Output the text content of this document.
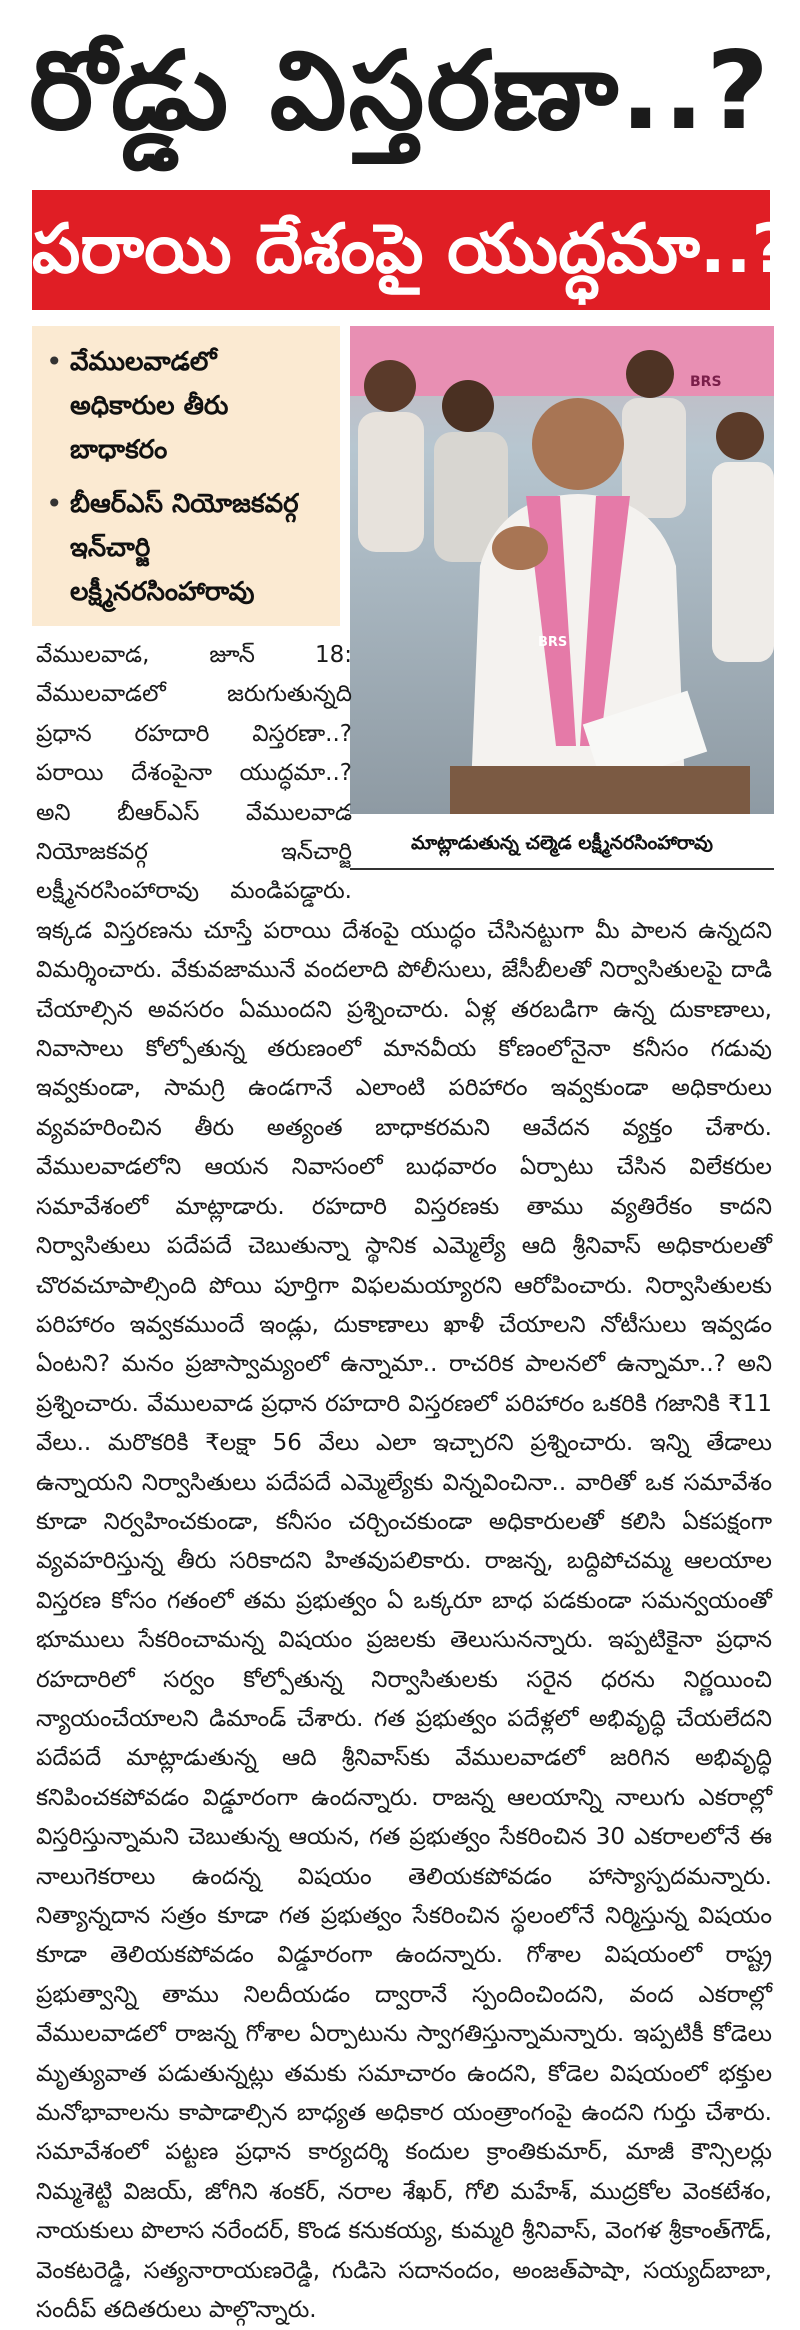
రోడ్డు విస్తరణా..?
పరాయి దేశంపై యుద్ధమా..?
• వేములవాడలో అధికారుల తీరు బాధాకరం
• బీఆర్ఎస్ నియోజకవర్గ ఇన్‌చార్జి లక్ష్మీనరసింహారావు
BRS
BRS
మాట్లాడుతున్న చల్మెడ లక్ష్మీనరసింహారావు

వేములవాడ, జూన్ 18: వేములవాడలో జరుగుతున్నది ప్రధాన రహదారి విస్తరణా..? పరాయి దేశంపైనా యుద్ధమా..? అని బీఆర్ఎస్ వేములవాడ నియోజకవర్గ ఇన్‌చార్జి లక్ష్మీనరసింహారావు మండిపడ్డారు. ఇక్కడ విస్తరణను చూస్తే పరాయి దేశంపై యుద్ధం చేసినట్టుగా మీ పాలన ఉన్నదని విమర్శించారు. వేకువజామునే వందలాది పోలీసులు, జేసీబీలతో నిర్వాసితులపై దాడి చేయాల్సిన అవసరం ఏముందని ప్రశ్నించారు. ఏళ్ల తరబడిగా ఉన్న దుకాణాలు, నివాసాలు కోల్పోతున్న తరుణంలో మానవీయ కోణంలోనైనా కనీసం గడువు ఇవ్వకుండా, సామగ్రి ఉండగానే ఎలాంటి పరిహారం ఇవ్వకుండా అధికారులు వ్యవహరించిన తీరు అత్యంత బాధాకరమని ఆవేదన వ్యక్తం చేశారు. వేములవాడలోని ఆయన నివాసంలో బుధవారం ఏర్పాటు చేసిన విలేకరుల సమావేశంలో మాట్లాడారు. రహదారి విస్తరణకు తాము వ్యతిరేకం కాదని నిర్వాసితులు పదేపదే చెబుతున్నా స్థానిక ఎమ్మెల్యే ఆది శ్రీనివాస్ అధికారులతో చొరవచూపాల్సింది పోయి పూర్తిగా విఫలమయ్యారని ఆరోపించారు. నిర్వాసితులకు పరిహారం ఇవ్వకముందే ఇండ్లు, దుకాణాలు ఖాళీ చేయాలని నోటీసులు ఇవ్వడం ఏంటని? మనం ప్రజాస్వామ్యంలో ఉన్నామా.. రాచరిక పాలనలో ఉన్నామా..? అని ప్రశ్నించారు. వేములవాడ ప్రధాన రహదారి విస్తరణలో పరిహారం ఒకరికి గజానికి ₹11 వేలు.. మరొకరికి ₹లక్షా 56 వేలు ఎలా ఇచ్చారని ప్రశ్నించారు. ఇన్ని తేడాలు ఉన్నాయని నిర్వాసితులు పదేపదే ఎమ్మెల్యేకు విన్నవించినా.. వారితో ఒక సమావేశం కూడా నిర్వహించకుండా, కనీసం చర్చించకుండా అధికారులతో కలిసి ఏకపక్షంగా వ్యవహరిస్తున్న తీరు సరికాదని హితవుపలికారు. రాజన్న, బద్దిపోచమ్మ ఆలయాల విస్తరణ కోసం గతంలో తమ ప్రభుత్వం ఏ ఒక్కరూ బాధ పడకుండా సమన్వయంతో భూములు సేకరించామన్న విషయం ప్రజలకు తెలుసునన్నారు. ఇప్పటికైనా ప్రధాన రహదారిలో సర్వం కోల్పోతున్న నిర్వాసితులకు సరైన ధరను నిర్ణయించి న్యాయంచేయాలని డిమాండ్ చేశారు. గత ప్రభుత్వం పదేళ్లలో అభివృద్ధి చేయలేదని పదేపదే మాట్లాడుతున్న ఆది శ్రీనివాస్‌కు వేములవాడలో జరిగిన అభివృద్ధి కనిపించకపోవడం విడ్డూరంగా ఉందన్నారు. రాజన్న ఆలయాన్ని నాలుగు ఎకరాల్లో విస్తరిస్తున్నామని చెబుతున్న ఆయన, గత ప్రభుత్వం సేకరించిన 30 ఎకరాలలోనే ఈ నాలుగెకరాలు ఉందన్న విషయం తెలియకపోవడం హాస్యాస్పదమన్నారు. నిత్యాన్నదాన సత్రం కూడా గత ప్రభుత్వం సేకరించిన స్థలంలోనే నిర్మిస్తున్న విషయం కూడా తెలియకపోవడం విడ్డూరంగా ఉందన్నారు. గోశాల విషయంలో రాష్ట్ర ప్రభుత్వాన్ని తాము నిలదీయడం ద్వారానే స్పందించిందని, వంద ఎకరాల్లో వేములవాడలో రాజన్న గోశాల ఏర్పాటును స్వాగతిస్తున్నామన్నారు. ఇప్పటికీ కోడెలు మృత్యువాత పడుతున్నట్లు తమకు సమాచారం ఉందని, కోడెల విషయంలో భక్తుల మనోభావాలను కాపాడాల్సిన బాధ్యత అధికార యంత్రాంగంపై ఉందని గుర్తు చేశారు. సమావేశంలో పట్టణ ప్రధాన కార్యదర్శి కందుల క్రాంతికుమార్, మాజీ కౌన్సిలర్లు నిమ్మశెట్టి విజయ్, జోగిని శంకర్, నరాల శేఖర్, గోలి మహేశ్, ముద్రకోల వెంకటేశం, నాయకులు పొలాస నరేందర్, కొండ కనుకయ్య, కుమ్మరి శ్రీనివాస్, వెంగళ శ్రీకాంత్‌గౌడ్, వెంకటరెడ్డి, సత్యనారాయణరెడ్డి, గుడిసె సదానందం, అంజత్‌పాషా, సయ్యద్‌బాబా, సందీప్ తదితరులు పాల్గొన్నారు.
